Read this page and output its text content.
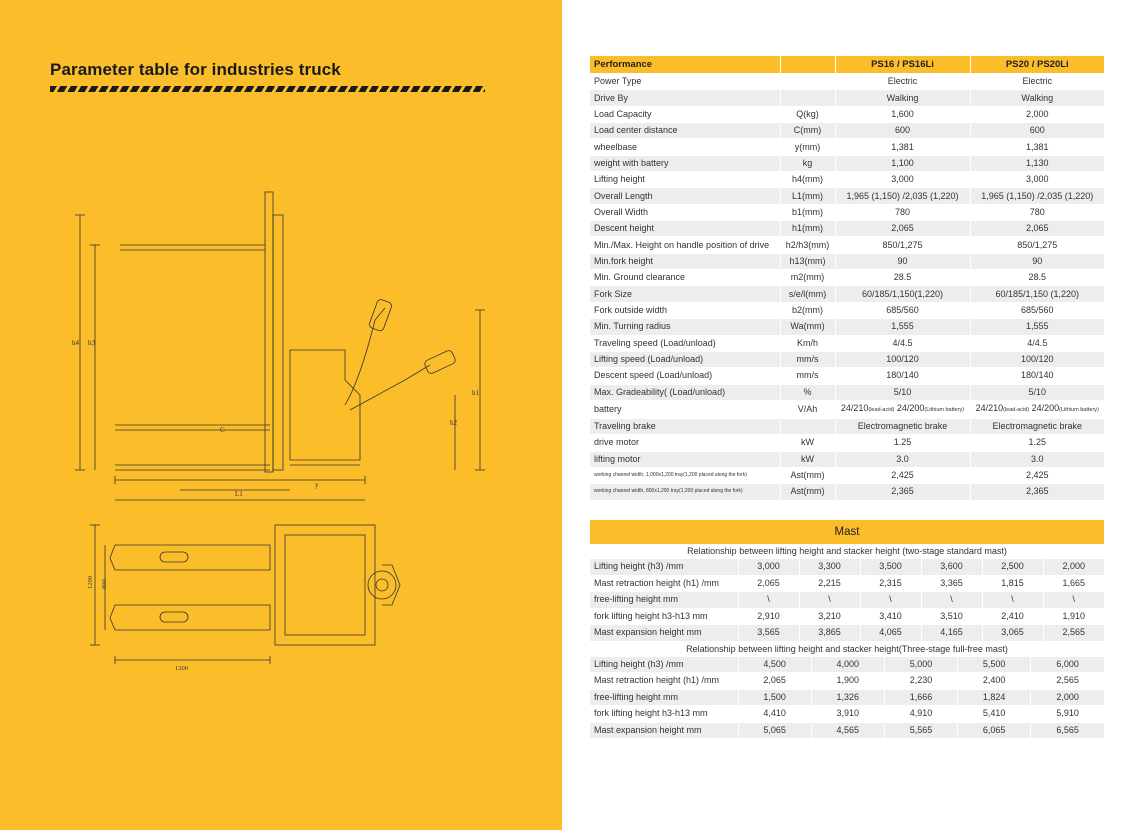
Parameter table for industries truck
h4 h3
h1
h2
C
L1
y
1200 800
1200
Performance		PS16 / PS16Li	PS20 / PS20Li
Power Type		Electric	Electric
Drive By		Walking	Walking
Load Capacity	Q(kg)	1,600	2,000
Load center distance	C(mm)	600	600
wheelbase	y(mm)	1,381	1,381
weight with battery	kg	1,100	1,130
Lifting height	h4(mm)	3,000	3,000
Overall Length	L1(mm)	1,965 (1,150) /2,035 (1,220)	1,965 (1,150) /2,035 (1,220)
Overall Width	b1(mm)	780	780
Descent height	h1(mm)	2,065	2,065
Min./Max. Height on handle position of drive	h2/h3(mm)	850/1,275	850/1,275
Min.fork height	h13(mm)	90	90
Min. Ground clearance	m2(mm)	28.5	28.5
Fork Size	s/e/l(mm)	60/185/1,150(1,220)	60/185/1,150 (1,220)
Fork outside width	b2(mm)	685/560	685/560
Min. Turning radius	Wa(mm)	1,555	1,555
Traveling speed (Load/unload)	Km/h	4/4.5	4/4.5
Lifting speed (Load/unload)	mm/s	100/120	100/120
Descent speed (Load/unload)	mm/s	180/140	180/140
Max. Gradeability( (Load/unload)	%	5/10	5/10
battery	V/Ah	24/210(lead-acid) 24/200(Lithium battery)	24/210(lead-acid) 24/200(Lithium battery)
Traveling brake		Electromagnetic brake	Electromagnetic brake
drive motor	kW	1.25	1.25
lifting motor	kW	3.0	3.0
working channel width, 1,000x1,200 tray(1,200 placed along the fork)	Ast(mm)	2,425	2,425
working channel width, 800x1,200 tray(1,200 placed along the fork)	Ast(mm)	2,365	2,365
Mast
Relationship between lifting height and stacker height (two-stage standard mast)
Lifting height (h3) /mm	3,000	3,300	3,500	3,600	2,500	2,000
Mast retraction height (h1) /mm	2,065	2,215	2,315	3,365	1,815	1,665
free-lifting height mm	\	\	\	\	\	\
fork lifting height h3-h13 mm	2,910	3,210	3,410	3,510	2,410	1,910
Mast expansion height mm	3,565	3,865	4,065	4,165	3,065	2,565
Relationship between lifting height and stacker height(Three-stage full-free mast)
Lifting height (h3) /mm	4,500	4,000	5,000	5,500	6,000
Mast retraction height (h1) /mm	2,065	1,900	2,230	2,400	2,565
free-lifting height mm	1,500	1,326	1,666	1,824	2,000
fork lifting height h3-h13 mm	4,410	3,910	4,910	5,410	5,910
Mast expansion height mm	5,065	4,565	5,565	6,065	6,565
